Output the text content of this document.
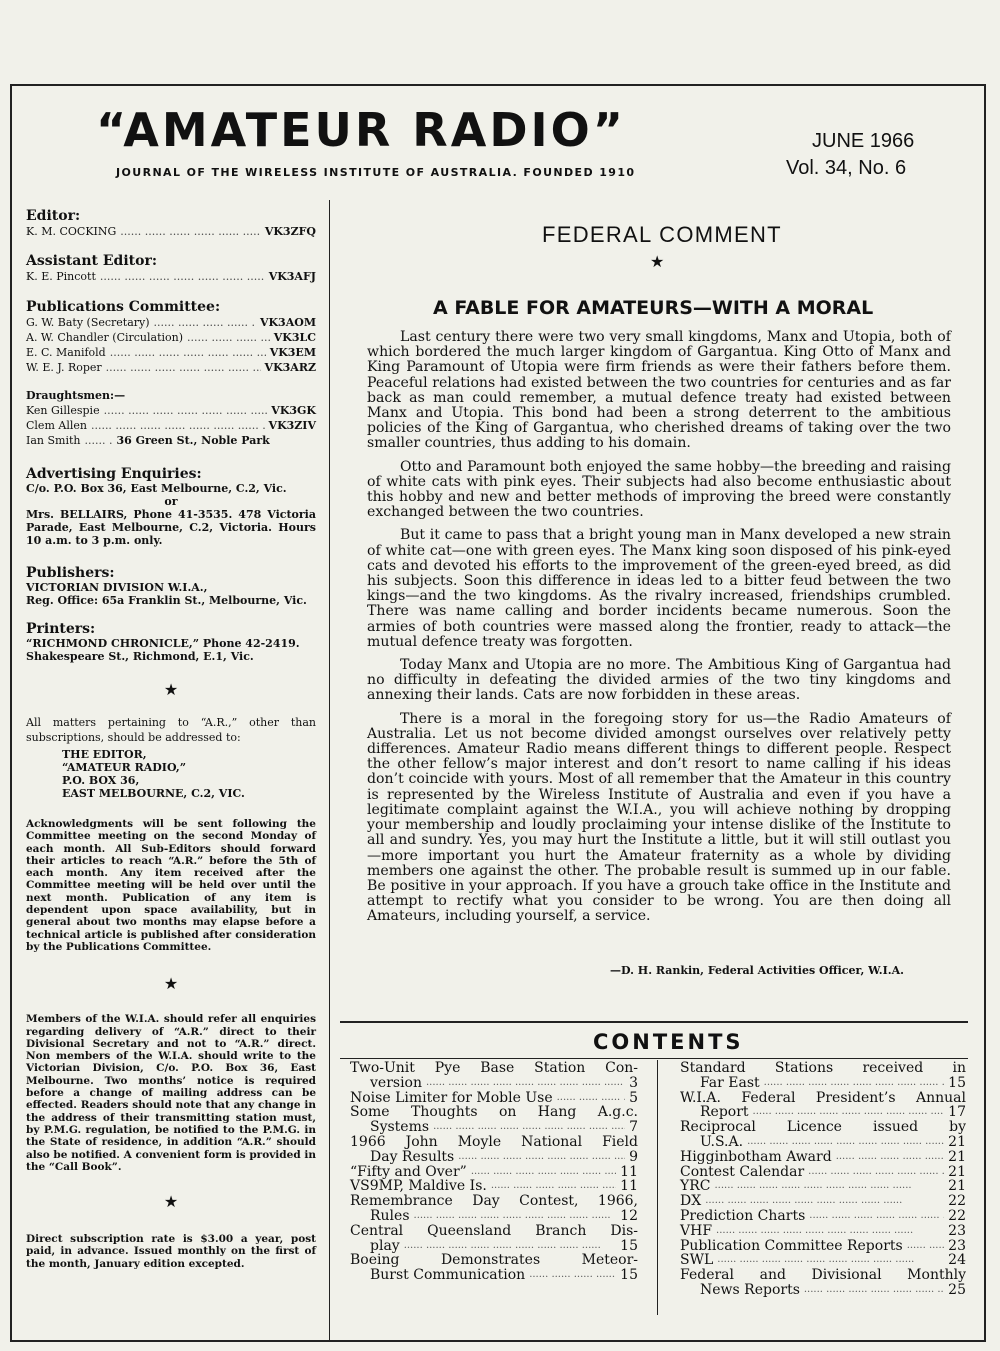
“AMATEUR RADIO”
JOURNAL OF THE WIRELESS INSTITUTE OF AUSTRALIA. FOUNDED 1910
JUNE 1966
Vol. 34, No. 6

Editor:

K. M. COCKING .....	VK3ZFQ

Assistant Editor:

K. E. Pincott .....	VK3AFJ

Publications Committee:

G. W. Baty (Secretary) .....	VK3AOM
A. W. Chandler (Circulation) .....	VK3LC
E. C. Manifold .....	VK3EM
W. E. J. Roper .....	VK3ARZ

Draughtsmen:—

Ken Gillespie .....	VK3GK
Clem Allen .....	VK3ZIV
Ian Smith .....	36 Green St., Noble Park

Advertising Enquiries:

C/o. P.O. Box 36, East Melbourne, C.2, Vic.

or

Mrs. BELLAIRS, Phone 41-3535. 478 Victoria Parade, East Melbourne, C.2, Victoria. Hours 10 a.m. to 3 p.m. only.

Publishers:

VICTORIAN DIVISION W.I.A.,

Reg. Office: 65a Franklin St., Melbourne, Vic.

Printers:

“RICHMOND CHRONICLE,” Phone 42-2419.

Shakespeare St., Richmond, E.1, Vic.

★

All matters pertaining to “A.R.,” other than subscriptions, should be addressed to:

THE EDITOR,

“AMATEUR RADIO,”

P.O. BOX 36,

EAST MELBOURNE, C.2, VIC.

Acknowledgments will be sent following the Committee meeting on the second Monday of each month. All Sub-Editors should forward their articles to reach “A.R.” before the 5th of each month. Any item received after the Committee meeting will be held over until the next month. Publication of any item is dependent upon space availability, but in general about two months may elapse before a technical article is published after consideration by the Publications Committee.

★

Members of the W.I.A. should refer all enquiries regarding delivery of “A.R.” direct to their Divisional Secretary and not to “A.R.” direct. Non members of the W.I.A. should write to the Victorian Division, C/o. P.O. Box 36, East Melbourne. Two months’ notice is required before a change of mailing address can be effected. Readers should note that any change in the address of their transmitting station must, by P.M.G. regulation, be notified to the P.M.G. in the State of residence, in addition “A.R.” should also be notified. A convenient form is provided in the “Call Book”.

★

Direct subscription rate is $3.00 a year, post paid, in advance. Issued monthly on the first of the month, January edition excepted.

FEDERAL COMMENT
★
A FABLE FOR AMATEURS—WITH A MORAL

Last century there were two very small kingdoms, Manx and Utopia, both of which bordered the much larger kingdom of Gargantua. King Otto of Manx and King Paramount of Utopia were firm friends as were their fathers before them. Peaceful relations had existed between the two countries for centuries and as far back as man could remember, a mutual defence treaty had existed between Manx and Utopia. This bond had been a strong deterrent to the ambitious policies of the King of Gargantua, who cherished dreams of taking over the two smaller countries, thus adding to his domain.

Otto and Paramount both enjoyed the same hobby—the breeding and raising of white cats with pink eyes. Their subjects had also become enthusiastic about this hobby and new and better methods of improving the breed were constantly exchanged between the two countries.

But it came to pass that a bright young man in Manx developed a new strain of white cat—one with green eyes. The Manx king soon disposed of his pink-eyed cats and devoted his efforts to the improvement of the green-eyed breed, as did his subjects. Soon this difference in ideas led to a bitter feud between the two kings—and the two kingdoms. As the rivalry increased, friendships crumbled. There was name calling and border incidents became numerous. Soon the armies of both countries were massed along the frontier, ready to attack—the mutual defence treaty was forgotten.

Today Manx and Utopia are no more. The Ambitious King of Gargantua had no difficulty in defeating the divided armies of the two tiny kingdoms and annexing their lands. Cats are now forbidden in these areas.

There is a moral in the foregoing story for us—the Radio Amateurs of Australia. Let us not become divided amongst ourselves over relatively petty differences. Amateur Radio means different things to different people. Respect the other fellow’s major interest and don’t resort to name calling if his ideas don’t coincide with yours. Most of all remember that the Amateur in this country is represented by the Wireless Institute of Australia and even if you have a legitimate complaint against the W.I.A., you will achieve nothing by dropping your membership and loudly proclaiming your intense dislike of the Institute to all and sundry. Yes, you may hurt the Institute a little, but it will still outlast you—more important you hurt the Amateur fraternity as a whole by dividing members one against the other. The probable result is summed up in our fable. Be positive in your approach. If you have a grouch take office in the Institute and attempt to rectify what you consider to be wrong. You are then doing all Amateurs, including yourself, a service.

—D. H. Rankin, Federal Activities Officer, W.I.A.
CONTENTS
Two-Unit Pye Base Station Con-
version .....	3
Noise Limiter for Moble Use .....	5
Some Thoughts on Hang A.g.c.
Systems .....	7
1966 John Moyle National Field
Day Results .....	9
“Fifty and Over” .....	11
VS9MP, Maldive Is. .....	11
Remembrance Day Contest, 1966,
Rules .....	12
Central Queensland Branch Dis-
play .....	15
Boeing Demonstrates Meteor-
Burst Communication .....	15
Standard Stations received in
Far East .....	15
W.I.A. Federal President’s Annual
Report .....	17
Reciprocal Licence issued by
U.S.A. .....	21
Higginbotham Award .....	21
Contest Calendar .....	21
YRC .....	21
DX .....	22
Prediction Charts .....	22
VHF .....	23
Publication Committee Reports .....	23
SWL .....	24
Federal and Divisional Monthly
News Reports .....	25
